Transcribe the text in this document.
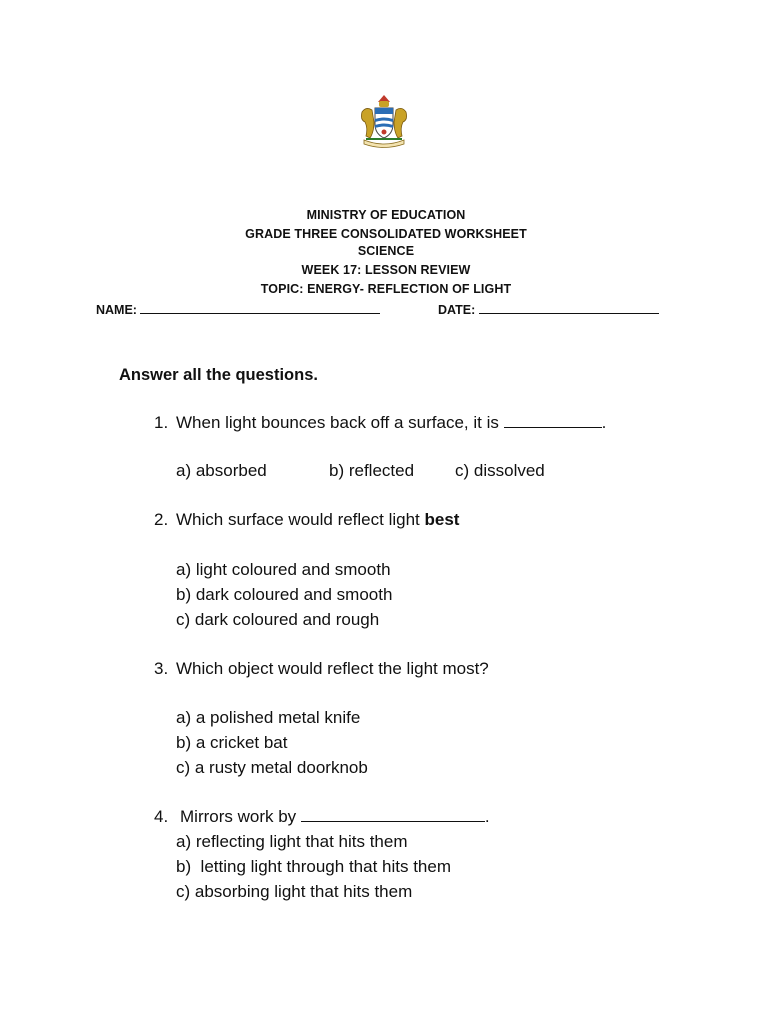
MINISTRY OF EDUCATION
GRADE THREE CONSOLIDATED WORKSHEET
SCIENCE
WEEK 17: LESSON REVIEW
TOPIC: ENERGY- REFLECTION OF LIGHT
NAME:	DATE:
Answer all the questions.
1. When light bounces back off a surface, it is	.
a) absorbed	b) reflected c) dissolved
2. Which surface would reflect light best
a) light coloured and smooth
b) dark coloured and smooth
c) dark coloured and rough
3. Which object would reflect the light most?
a) a polished metal knife
b) a cricket bat
c) a rusty metal doorknob
4. Mirrors work by	.
a) reflecting light that hits them
b)  letting light through that hits them
c) absorbing light that hits them
